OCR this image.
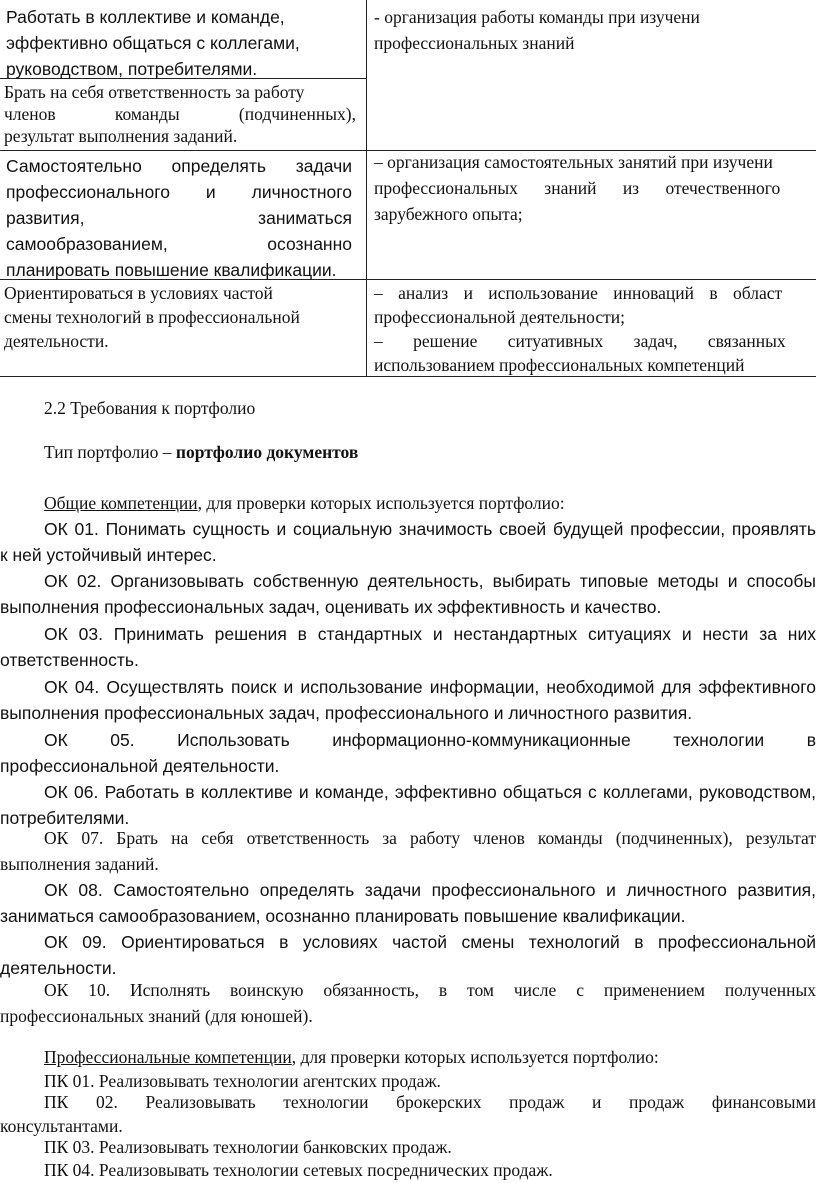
Работать в коллективе и команде,

эффективно общаться с коллегами,

руководством, потребителями.

- организация работы команды при изучени

профессиональных знаний

Брать на себя ответственность за работу

членов команды (подчиненных),

результат выполнения заданий.

Самостоятельно определять задачи

профессионального и личностного

развития, заниматься

самообразованием, осознанно

планировать повышение квалификации.

– организация самостоятельных занятий при изучени

профессиональных знаний из отечественного

зарубежного опыта;

Ориентироваться в условиях частой

смены технологий в профессиональной

деятельности.

– анализ и использование инноваций в област

профессиональной деятельности;

– решение ситуативных задач, связанных

использованием профессиональных компетенций

2.2 Требования к портфолио
Тип портфолио – портфолио документов
Общие компетенции, для проверки которых используется портфолио:
ОК 01. Понимать сущность и социальную значимость своей будущей профессии, проявлять
к ней устойчивый интерес.
ОК 02. Организовывать собственную деятельность, выбирать типовые методы и способы
выполнения профессиональных задач, оценивать их эффективность и качество.
ОК 03. Принимать решения в стандартных и нестандартных ситуациях и нести за них
ответственность.
ОК 04. Осуществлять поиск и использование информации, необходимой для эффективного
выполнения профессиональных задач, профессионального и личностного развития.
ОК 05. Использовать информационно-коммуникационные технологии в
профессиональной деятельности.
ОК 06. Работать в коллективе и команде, эффективно общаться с коллегами, руководством,
потребителями.
ОК 07. Брать на себя ответственность за работу членов команды (подчиненных), результат
выполнения заданий.
ОК 08. Самостоятельно определять задачи профессионального и личностного развития,
заниматься самообразованием, осознанно планировать повышение квалификации.
ОК 09. Ориентироваться в условиях частой смены технологий в профессиональной
деятельности.
ОК 10. Исполнять воинскую обязанность, в том числе с применением полученных
профессиональных знаний (для юношей).
Профессиональные компетенции, для проверки которых используется портфолио:
ПК 01. Реализовывать технологии агентских продаж.
ПК 02. Реализовывать технологии брокерских продаж и продаж финансовыми
консультантами.
ПК 03. Реализовывать технологии банковских продаж.
ПК 04. Реализовывать технологии сетевых посреднических продаж.
